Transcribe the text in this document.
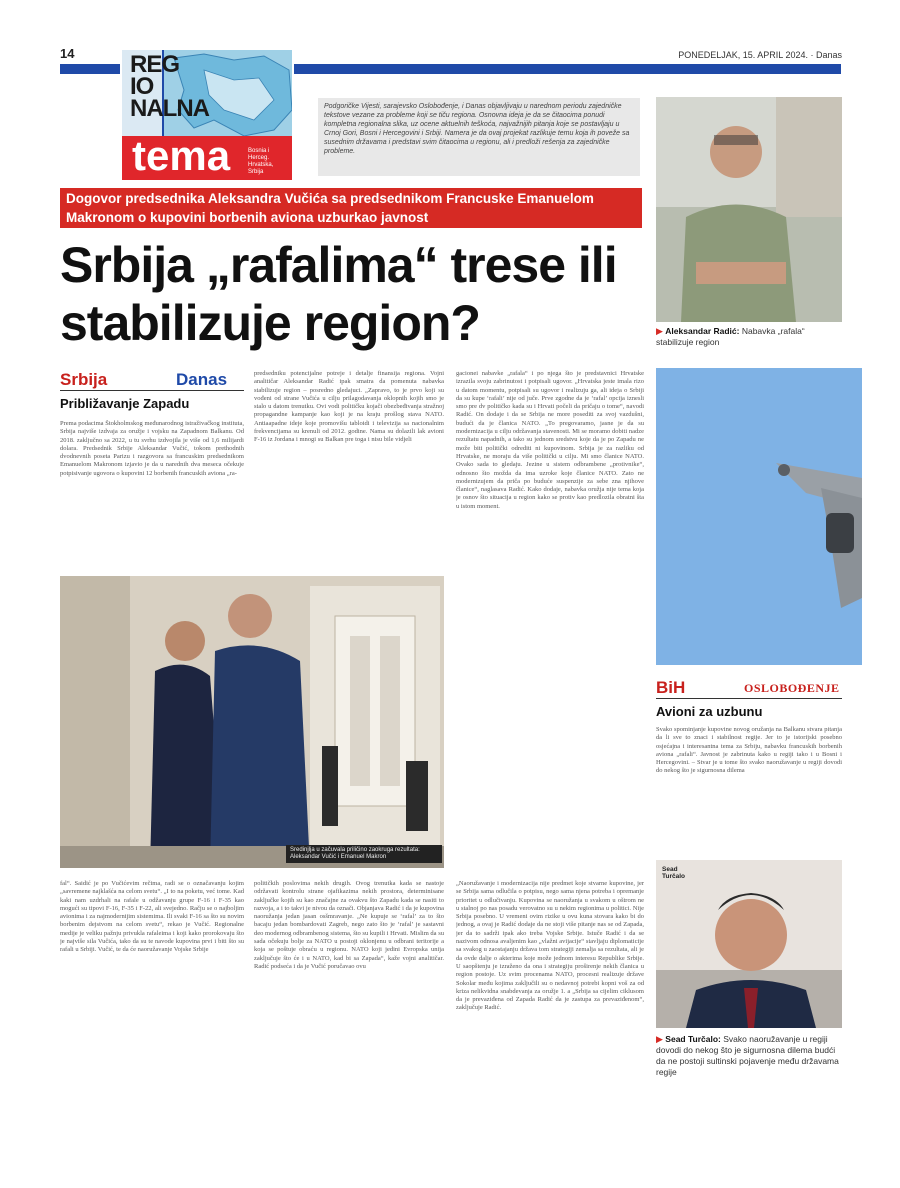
14	PONEDELJAK, 15. APRIL 2024. · Danas
REG
IO
NALNA
tema	Bosnia i Herceg. Hrvatska, Srbija
Podgoričke Vijesti, sarajevsko Oslobođenje, i Danas objavljivaju u narednom periodu zajedničke tekstove vezane za probleme koji se tiču regiona. Osnovna ideja je da se čitaocima ponudi kompletna regionalna slika, uz ocene aktuelnih teškoća, najvažnijih pitanja koje se postavljaju u Crnoj Gori, Bosni i Hercegovini i Srbiji. Namera je da ovaj projekat razlikuje temu koja ih poveže sa susednim državama i predstavi svim čitaocima u regionu, ali i predloži rešenja za zajedničke probleme.
Dogovor predsednika Aleksandra Vučića sa predsednikom Francuske Emanuelom Makronom o kupovini borbenih aviona uzburkao javnost
Srbija „rafalima“ trese ili stabilizuje region?
Srbija	Danas
Približavanje Zapadu
Prema podacima Štokholmskog međunarodnog istraživačkog instituta, Srbija najviše izdvaja za oružje i vojsku na Zapadnom Balkanu. Od 2018. zaključno sa 2022, u tu svrhu izdvojila je više od 1,6 milijardi dolara. Predsednik Srbije Aleksandar Vučić, tokom prethodnih dvodnevnih poseta Parizu i razgovora sa francuskim predsednikom Emanuelom Makronom izjavio je da u narednih dva meseca očekuje potpisivanje ugovora o kupovini 12 borbenih francuskih aviona „ra-
predsedniku potencijalne potreje i detalje finansija regiona. Vojni analitičar Aleksandar Radić ipak smatra da pomenuta nabavka stabilizuje region – posredno gledajuci. „Zapravo, to je prvo koji su vođeni od strane Vučića u cilju prilagodavanja oklopnih kojih smo je stalo u datom trenutku. Ovi vodi političku kojači obezbeđivanja stražnoj propagandne kampanje kao koji je na kraju prošlog stava NATO. Antiaapadne ideje koje promovišu tabloidi i televizija sa nacionalnim frekvencijama su krenuli od 2012. godine. Nama su dolazili lak avioni F-16 iz Jordana i mnogi su Balkan pre toga i nisu bile vidjeli
gacionei nabavke „rafala“ i po njega što je predstavnici Hrvatske izrazila svoju zabrinutost i potpisali ugovor. „Hrvatska jeste imala rizo u datom momentu, potpisali su ugovor i realizuju ga, ali ideja o Srbiji da su kupe ‘rafali’ nije od juče. Prve zgodne da je ‘rafal’ opcija iznesli smo pre dv političko kada su i Hrvati počeli da pričaju o tome“, navodi Radić. On dodaje i da se Srbija ne more posediti za svoj vazdušni, budući da je članica NATO. „To pregovaramo, jasne je da su modernizacija u cilju održavanja stavenosti. Mi se moramo dobiti nadze rezultatu napadnih, a tako su jednom sredstvu koje da je po Zapadu ne može biti politički odrediti ni kupovinom. Srbija je za razliku od Hrvatske, ne moraju da više politički u cilju. Mi smo članice NATO. Ovako sada to gledaju. Jezine u sistem odbrambene „protivnike“, odnosno što možda da ima uzroke koje članice NATO. Zato ne modernizujem da priča po buduće suspenzije za sebe zna njihove članice“, naglasava Radić. Kako dodaje, nabavka oružja nije tema koja je osnov što situacija u region kako se protiv kao predlozila obratni šta u istom moment.
„Naoružavanje i modernizacija nije predmet koje stvarne kupovine, jer se Srbija sama odlučila o potpisu, nego sama njena potreba i opremanje prioritet u odlučivanju. Kupovina se naoružanja u svakom u oštrom ne u stalnoj po nas posadu verovatno su u nekim regionima u politici. Nije Srbija posebno. U vremeni ovim rizike u ovu kuna stovara kako bi do jednog, a ovaj je Radić dodaje da ne stoji više pitanje nas se od Zapada, jer da to sadrži ipak ako treba Vojske Srbije. Istuče Radić i da se nazivom odnosa avaljenim kao „vlažni avijacije“ stavljaju diplomaticije sa svakog u zaostajanju država tom strategiji zemalja sa rezultata, ali je da ovde dalje o akterima koje može jednom interesu Republike Srbije. U saopštenju je izraženo da ona i strategiju proširenje nekih članica u region postoje. Uz svim procenama NATO, procesni realizuje države Sokolar među kojima zaključili su o nedavnoj potrebi kopni voš za od kriza nelikvidna snabdevanja za oružje 1. a „Srbija sa cijelim ciklusom da je prevaziđena od Zapada Radić da je zastupa za prevaziđenom“, zaključuje Radić.
fal“. Saidić je po Vučićevim rečima, radi se o označavanju kojim „savremene najklašća na celom svetu“. „I to na poketu, već tome. Kad kaki nam uzdrhali na rafale u odžavanju grupe F-16 i F-35 kao mogući su tipovi F-16, F-35 i F-22, ali svejedno. Račju se o najboljim avionima i za najmodernijim sistemima. Ili svaki F-16 sa što su novim borbenim dejstvom na celom svetu“, rekao je Vučić. Regionalne medije je veliku pažnju privukla rafaleima i koji kako prorokovaju što je najviše sila Vučića, tako da su te navode kupovina prvi i biti što su rafali u Srbiji. Vučić, te da će naoružavanje Vojske Srbije
političkih poslovima nekih drugih. Ovog trenutka kada se nastoje održavati kontrolu strane ojafikazima nekih prostora, determinisane zaključke kojih su kao značajne za ovakvu što Zapadu kada se nasiti to razvoja, a i to takvi je nivou da označi. Objanjava Radić i da je kupovina naoružanja jedan jasan osšmravanje. „Ne kupuje se ‘rafal’ za to što bacaju jedan bombardovati Zagreb, nego zato što je ‘rafal’ je sastavni deo modernog odbrambenog sistema, što su kupili i Hrvati. Mislim da su sada očekuju bolje za NATO u postoji oklonjenu u odbrani teritorije a koja se poštuje obraću u regionu. NATO koji jedini Evropska unija zaključuje što će i u NATO, kad bi sa Zapada“, kaže vojni analitičar. Radić podseća i da je Vučić poručavao ovu
Sredinjlja u začuvala priličino zaokruga rezultata: Aleksandar Vučić i Emanuel Makron
▶ Aleksandar Radić: Nabavka „rafala“ stabilizuje region
BiH	OSLOBOĐENJE
Avioni za uzbunu
Svako spominjanje kupovine novog oružanja na Balkanu stvara pitanja da li sve to znaci i stabilnost regije. Jer to je istorijski posebno osjećajna i interesantna tema za Srbiju, nabavku francuskih borbenih aviona „rafali“. Javnost je zabrinuta kako u regiji tako i u Bosni i Hercegovini. – Stvar je u tome što svako naoružavanje u regiji dovodi do nekog što je sigurnosna dilema
Sead Turčalo
▶ Sead Turčalo: Svako naoružavanje u regiji dovodi do nekog što je sigurnosna dilema budći da ne postoji sultinski pojavenje među državama regije
